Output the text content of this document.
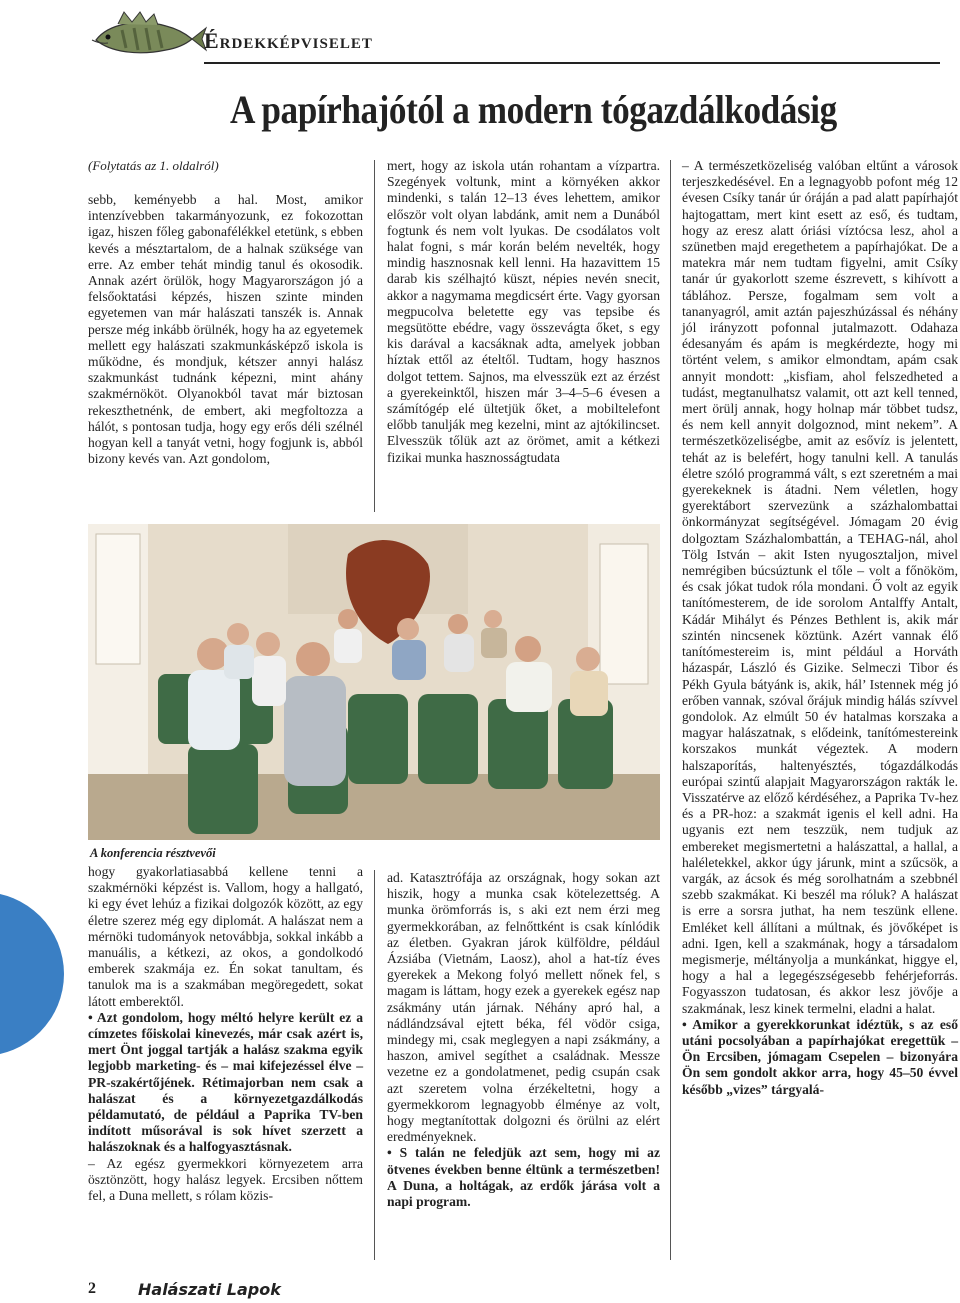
Érdekképviselet
A papírhajótól a modern tógazdálkodásig
(Folytatás az 1. oldalról)

sebb, keményebb a hal. Most, amikor intenzívebben takarmányozunk, ez fokozottan igaz, hiszen főleg gabonafélékkel etetünk, s ebben kevés a mésztartalom, de a halnak szüksége van erre. Az ember tehát mindig tanul és okosodik. Annak azért örülök, hogy Magyarországon jó a felsőoktatási képzés, hiszen szinte minden egyetemen van már halászati tanszék is. Annak persze még inkább örülnék, hogy ha az egyetemek mellett egy halászati szakmunkásképző iskola is működne, és mondjuk, kétszer annyi halász szakmunkást tudnánk képezni, mint ahány szakmérnököt. Olyanokból tavat már biztosan rekeszthetnénk, de embert, aki megfoltozza a hálót, s pontosan tudja, hogy egy erős déli szélnél hogyan kell a tanyát vetni, hogy fogjunk is, abból bizony kevés van. Azt gondolom,

mert, hogy az iskola után rohantam a vízpartra. Szegények voltunk, mint a környéken akkor mindenki, s talán 12–13 éves lehettem, amikor először volt olyan labdánk, amit nem a Dunából fogtunk és nem volt lyukas. De csodálatos volt halat fogni, s már korán belém nevelték, hogy mindig hasznosnak kell lenni. Ha hazavittem 15 darab kis szélhajtó küszt, népies nevén snecit, akkor a nagymama megdicsért érte. Vagy gyorsan megpucolva beletette egy vas tepsibe és megsütötte ebédre, vagy összevágta őket, s egy kis darával a kacsáknak adta, amelyek jobban híztak ettől az ételtől. Tudtam, hogy hasznos dolgot tettem. Sajnos, ma elvesszük ezt az érzést a gyerekeinktől, hiszen már 3–4–5–6 évesen a számítógép elé ültetjük őket, a mobiltelefont előbb tanulják meg kezelni, mint az ajtókilincset. Elvesszük tőlük azt az örömet, amit a kétkezi fizikai munka hasznosságtudata

– A természetközeliség valóban eltűnt a városok terjeszkedésével. En a legnagyobb pofont még 12 évesen Csíky tanár úr óráján a pad alatt papírhajót hajtogattam, mert kint esett az eső, és tudtam, hogy az eresz alatt óriási víztócsa lesz, ahol a szünetben majd eregethetem a papírhajókat. De a matekra már nem tudtam figyelni, amit Csíky tanár úr gyakorlott szeme észrevett, s kihívott a táblához. Persze, fogalmam sem volt a tananyagról, amit aztán pajeszhúzással és néhány jól irányzott pofonnal jutalmazott. Odahaza édesanyám és apám is megkérdezte, hogy mi történt velem, s amikor elmondtam, apám csak annyit mondott: „kisfiam, ahol felszedheted a tudást, megtanulhatsz valamit, ott azt kell tenned, mert örülj annak, hogy holnap már többet tudsz, és nem kell annyit dolgoznod, mint nekem”. A természetközeliségbe, amit az esővíz is jelentett, tehát az is belefért, hogy tanulni kell. A tanulás életre szóló programmá vált, s ezt szeretném a mai gyerekeknek is átadni. Nem véletlen, hogy gyerektábort szervezünk a százhalombattai önkormányzat segítségével. Jómagam 20 évig dolgoztam Százhalombattán, a TEHAG-nál, ahol Tölg István – akit Isten nyugosztaljon, mivel nemrégiben búcsúztunk el tőle – volt a főnököm, és csak jókat tudok róla mondani. Ő volt az egyik tanítómesterem, de ide sorolom Antalffy Antalt, Kádár Mihályt és Pénzes Bethlent is, akik már szintén nincsenek köztünk. Azért vannak élő tanítómestereim is, mint például a Horváth házaspár, László és Gizike. Selmeczi Tibor és Pékh Gyula bátyánk is, akik, hál’ Istennek még jó erőben vannak, szóval őrájuk mindig hálás szívvel gondolok. Az elmúlt 50 év hatalmas korszaka a magyar halászatnak, s elődeink, tanítómestereink korszakos munkát végeztek. A modern halszaporítás, haltenyésztés, tógazdálkodás európai szintű alapjait Magyarországon rakták le. Visszatérve az előző kérdéséhez, a Paprika Tv-hez és a PR-hoz: a szakmát igenis el kell adni. Ha ugyanis ezt nem teszzük, nem tudjuk az embereket megismertetni a halászattal, a hallal, a haléletekkel, akkor úgy járunk, mint a szűcsök, a vargák, az ácsok és még sorolhatnám a szebbnél szebb szakmákat. Ki beszél ma róluk? A halászat is erre a sorsra juthat, ha nem teszünk ellene. Emléket kell állítani a múltnak, és jövőképet is adni. Igen, kell a szakmának, hogy a társadalom megismerje, méltányolja a munkánkat, higgye el, hogy a hal a legegészségesebb fehérjeforrás. Fogyasszon tudatosan, és akkor lesz jövője a szakmának, lesz kinek termelni, eladni a halat.

• Amikor a gyerekkorunkat idéztük, s az eső utáni pocsolyában a papírhajókat eregettük – Ön Ercsiben, jómagam Csepelen – bizonyára Ön sem gondolt akkor arra, hogy 45–50 évvel később „vizes” tárgyalá-

A konferencia résztvevői

hogy gyakorlatiasabbá kellene tenni a szakmérnöki képzést is. Vallom, hogy a hallgató, ki egy évet lehúz a fizikai dolgozók között, az egy életre szerez még egy diplomát. A halászat nem a mérnöki tudományok netovábbja, sokkal inkább a manuális, a kétkezi, az okos, a gondolkodó emberek szakmája ez. Én sokat tanultam, és tanulok ma is a szakmában megöregedett, sokat látott emberektől.

• Azt gondolom, hogy méltó helyre került ez a címzetes főiskolai kinevezés, már csak azért is, mert Önt joggal tartják a halász szakma egyik legjobb marketing- és – mai kifejezéssel élve – PR-szakértőjének. Rétimajorban nem csak a halászat és a környezetgazdálkodás példamutató, de például a Paprika TV-ben indított műsorával is sok hívet szerzett a halászoknak és a halfogyasztásnak.

– Az egész gyermekkori környezetem arra ösztönzött, hogy halász legyek. Ercsiben nőttem fel, a Duna mellett, s rólam közis-

ad. Katasztrófája az országnak, hogy sokan azt hiszik, hogy a munka csak kötelezettség. A munka örömforrás is, s aki ezt nem érzi meg gyermekkorában, az felnőttként is csak kínlódik az életben. Gyakran járok külföldre, például Ázsiába (Vietnám, Laosz), ahol a hat-tíz éves gyerekek a Mekong folyó mellett nőnek fel, s magam is láttam, hogy ezek a gyerekek egész nap zsákmány után járnak. Néhány apró hal, a nádlándzsával ejtett béka, fél vödör csiga, mindegy mi, csak meglegyen a napi zsákmány, a haszon, amivel segíthet a családnak. Messze vezetne ez a gondolatmenet, pedig csupán csak azt szeretem volna érzékeltetni, hogy a gyermekkorom legnagyobb élménye az volt, hogy megtanítottak dolgozni és örülni az elért eredményeknek.

• S talán ne feledjük azt sem, hogy mi az ötvenes években benne éltünk a természetben! A Duna, a holtágak, az erdők járása volt a napi program.

2	Halászati Lapok
